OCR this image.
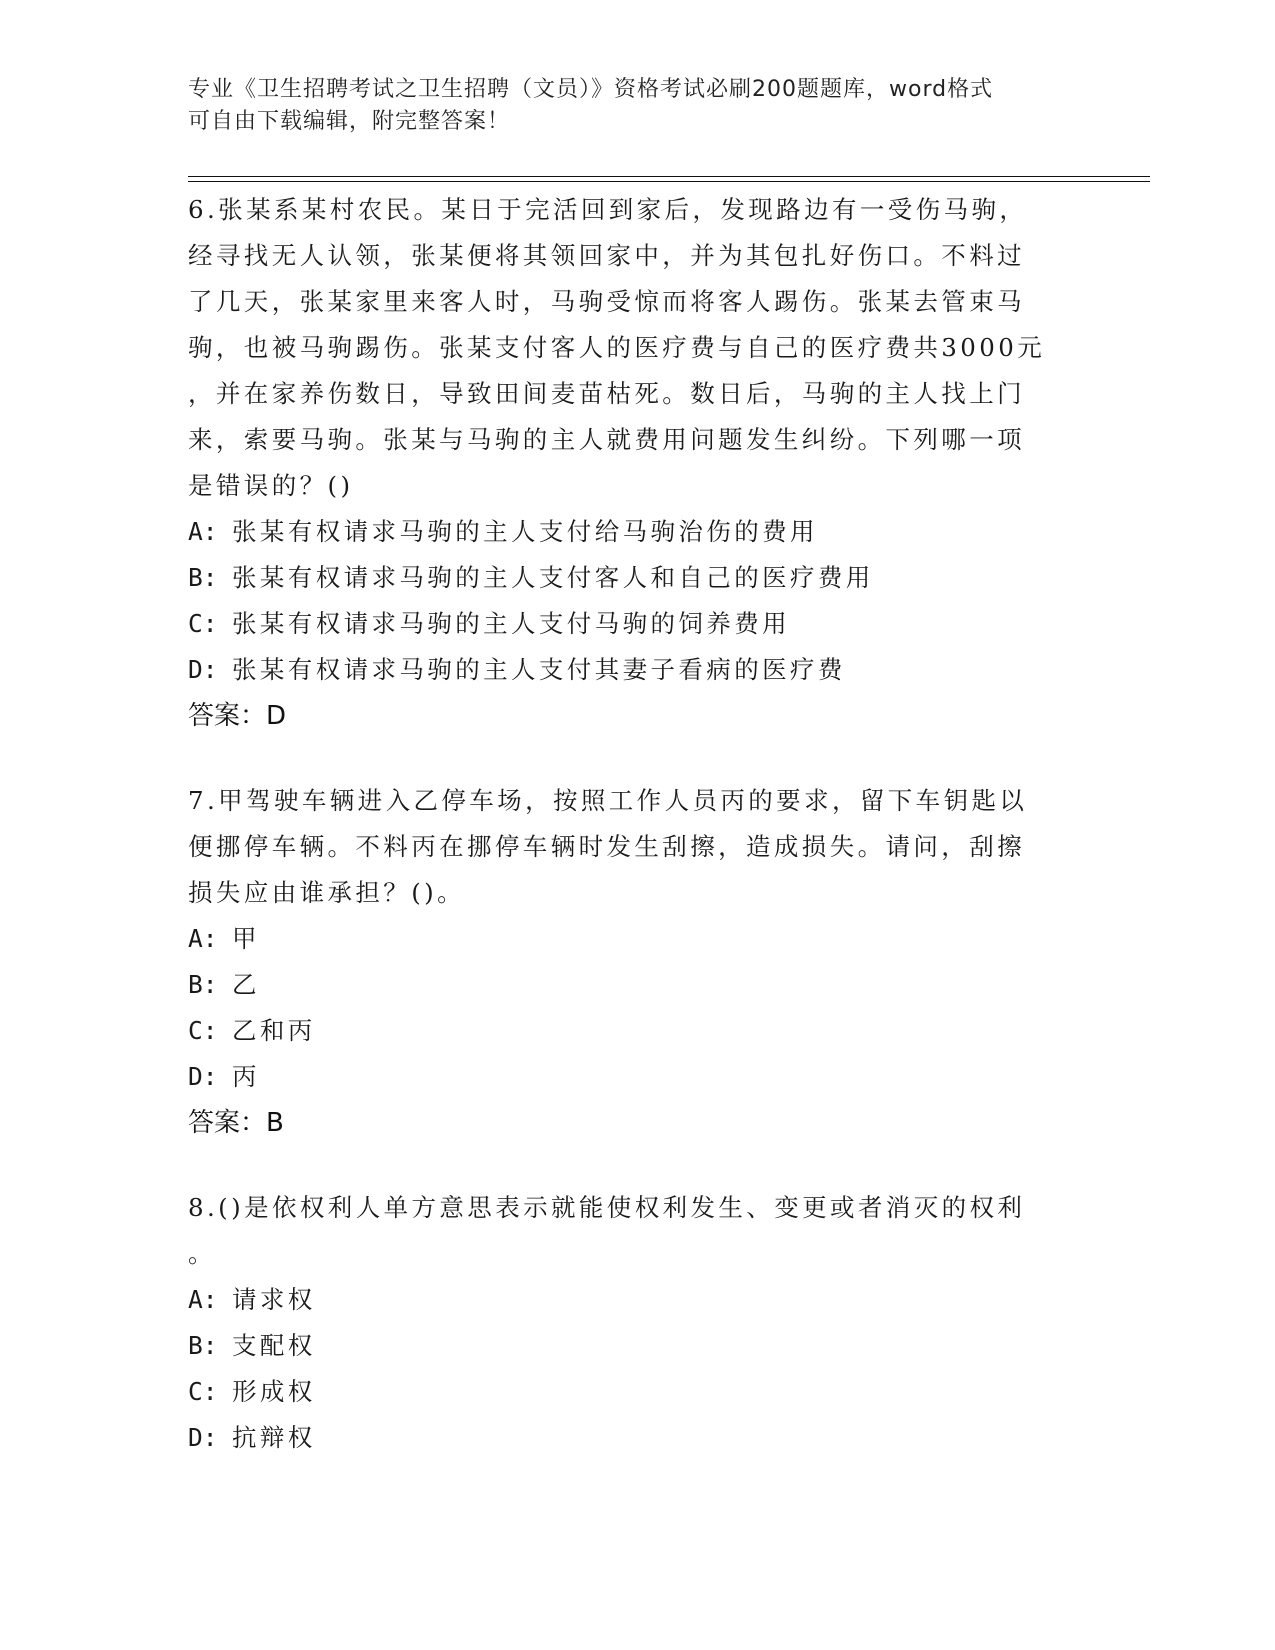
专业《卫生招聘考试之卫生招聘（文员）》资格考试必刷200题题库，word格式
可自由下载编辑，附完整答案！
6.张某系某村农民。某日于完活回到家后，发现路边有一受伤马驹，
经寻找无人认领，张某便将其领回家中，并为其包扎好伤口。不料过
了几天，张某家里来客人时，马驹受惊而将客人踢伤。张某去管束马
驹，也被马驹踢伤。张某支付客人的医疗费与自己的医疗费共3000元
，并在家养伤数日，导致田间麦苗枯死。数日后，马驹的主人找上门
来，索要马驹。张某与马驹的主人就费用问题发生纠纷。下列哪一项
是错误的？()
A: 张某有权请求马驹的主人支付给马驹治伤的费用
B: 张某有权请求马驹的主人支付客人和自己的医疗费用
C: 张某有权请求马驹的主人支付马驹的饲养费用
D: 张某有权请求马驹的主人支付其妻子看病的医疗费
答案：D
7.甲驾驶车辆进入乙停车场，按照工作人员丙的要求，留下车钥匙以
便挪停车辆。不料丙在挪停车辆时发生刮擦，造成损失。请问，刮擦
损失应由谁承担？()。
A: 甲
B: 乙
C: 乙和丙
D: 丙
答案：B
8.()是依权利人单方意思表示就能使权利发生、变更或者消灭的权利
。
A: 请求权
B: 支配权
C: 形成权
D: 抗辩权
